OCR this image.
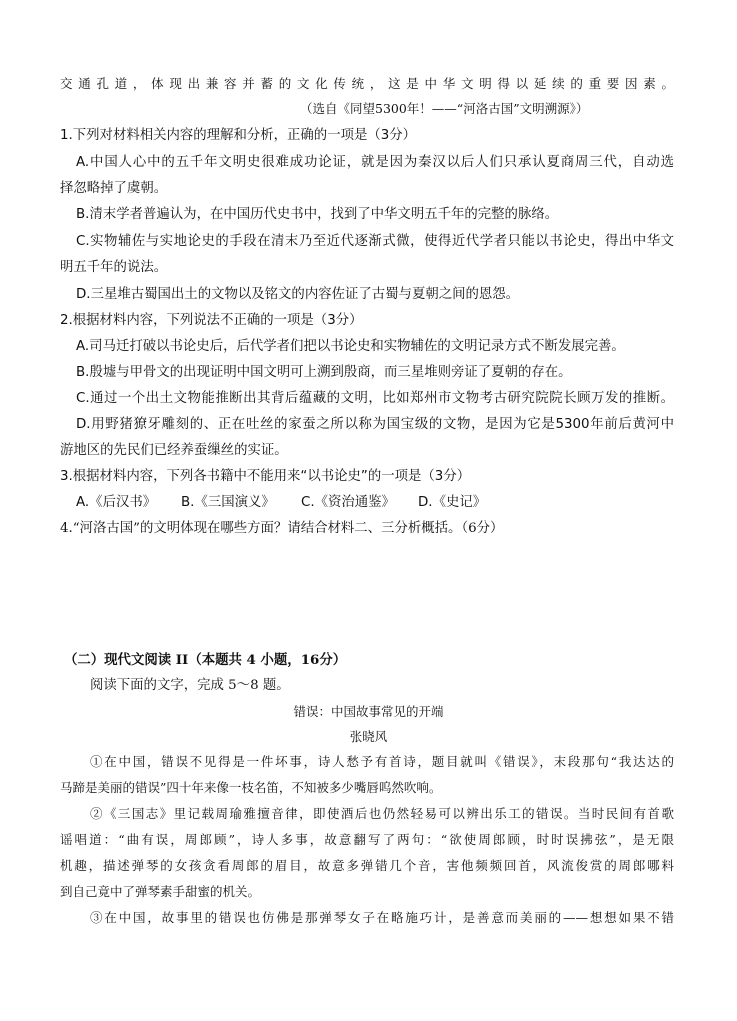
交通孔道，体现出兼容并蓄的文化传统，这是中华文明得以延续的重要因素。
（选自《同望5300年！——“河洛古国”文明溯源》）
1.下列对材料相关内容的理解和分析，正确的一项是（3分）
A.中国人心中的五千年文明史很难成功论证，就是因为秦汉以后人们只承认夏商周三代，自动选
择忽略掉了虞朝。
B.清末学者普遍认为，在中国历代史书中，找到了中华文明五千年的完整的脉络。
C.实物辅佐与实地论史的手段在清末乃至近代逐渐式微，使得近代学者只能以书论史，得出中华文
明五千年的说法。
D.三星堆古蜀国出土的文物以及铭文的内容佐证了古蜀与夏朝之间的恩怨。
2.根据材料内容，下列说法不正确的一项是（3分）
A.司马迁打破以书论史后，后代学者们把以书论史和实物辅佐的文明记录方式不断发展完善。
B.殷墟与甲骨文的出现证明中国文明可上溯到殷商，而三星堆则旁证了夏朝的存在。
C.通过一个出土文物能推断出其背后蕴藏的文明，比如郑州市文物考古研究院院长顾万发的推断。
D.用野猪獠牙雕刻的、正在吐丝的家蚕之所以称为国宝级的文物，是因为它是5300年前后黄河中
游地区的先民们已经养蚕缫丝的实证。
3.根据材料内容，下列各书籍中不能用来“以书论史”的一项是（3分）
A.《后汉书》 B.《三国演义》 C.《资治通鉴》 D.《史记》
4.“河洛古国”的文明体现在哪些方面？请结合材料二、三分析概括。（6分）
（二）现代文阅读 II（本题共 4 小题，16分）
阅读下面的文字，完成 5～8 题。
错误：中国故事常见的开端
张晓风
①在中国，错误不见得是一件坏事，诗人愁予有首诗，题目就叫《错误》，末段那句“我达达的
马蹄是美丽的错误”四十年来像一枝名笛，不知被多少嘴唇呜然吹响。
②《三国志》里记载周瑜雅擅音律，即使酒后也仍然轻易可以辨出乐工的错误。当时民间有首歌
谣唱道：“曲有误，周郎顾”，诗人多事，故意翻写了两句：“欲使周郎顾，时时误拂弦”，是无限
机趣，描述弹琴的女孩贪看周郎的眉目，故意多弹错几个音，害他频频回首，风流俊赏的周郎哪料
到自己竟中了弹琴素手甜蜜的机关。
③在中国，故事里的错误也仿佛是那弹琴女子在略施巧计，是善意而美丽的——想想如果不错
